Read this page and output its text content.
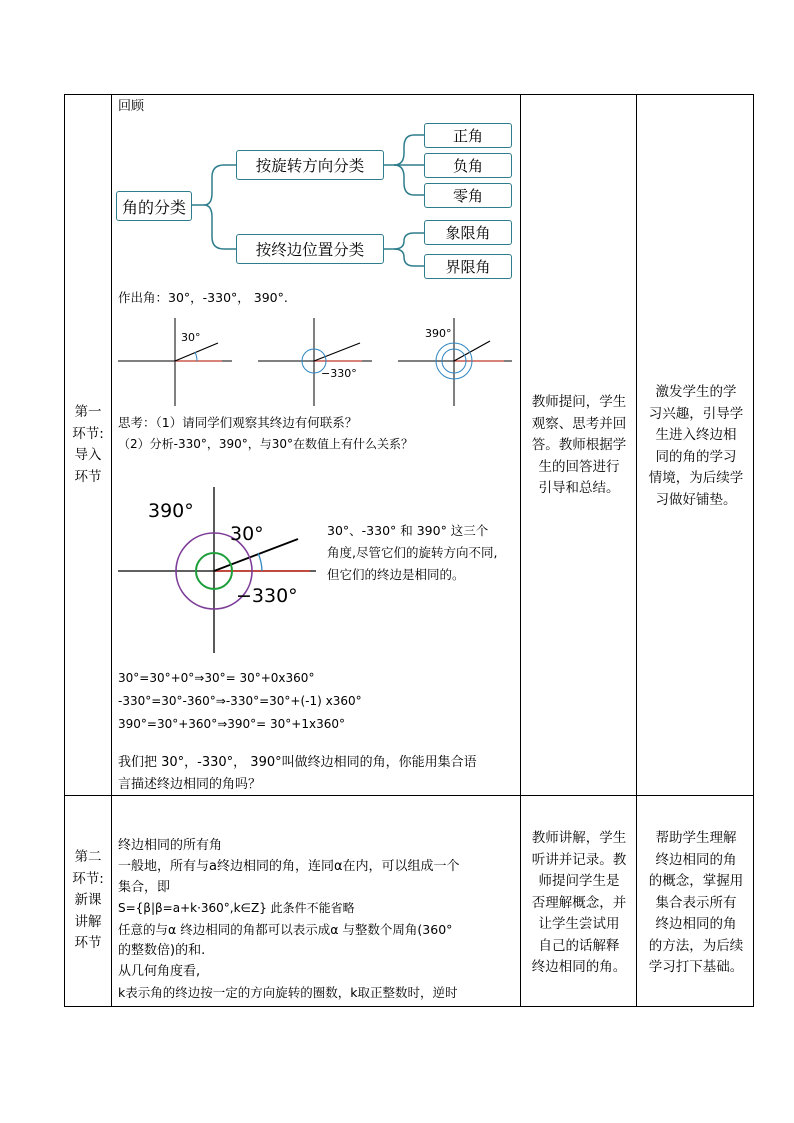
第一
环节:
导入
环节
教师提问，学生
观察、思考并回
答。教师根据学
生的回答进行
引导和总结。
激发学生的学
习兴趣，引导学
生进入终边相
同的角的学习
情境，为后续学
习做好铺垫。
第二
环节:
新课
讲解
环节
教师讲解，学生
听讲并记录。教
师提问学生是
否理解概念，并
让学生尝试用
自己的话解释
终边相同的角。
帮助学生理解
终边相同的角
的概念，掌握用
集合表示所有
终边相同的角
的方法，为后续
学习打下基础。
回顾
角的分类
按旋转方向分类
按终边位置分类
正角
负角
零角
象限角
界限角
作出角：30°，-330°， 390°.
30°
−330°
390°
思考：（1）请同学们观察其终边有何联系？
（2）分析-330°，390°，与30°在数值上有什么关系？
390°
30°
−330°
30°、-330° 和 390° 这三个
角度,尽管它们的旋转方向不同,
但它们的终边是相同的。
30°=30°+0°⇒30°= 30°+0x360°
-330°=30°-360°⇒-330°=30°+(-1) x360°
390°=30°+360°⇒390°= 30°+1x360°
我们把 30°，-330°， 390°叫做终边相同的角，你能用集合语
言描述终边相同的角吗？
终边相同的所有角
一般地，所有与a终边相同的角，连同α在内，可以组成一个
集合，即
S={β|β=a+k·360°,k∈Z} 此条件不能省略
任意的与α 终边相同的角都可以表示成α 与整数个周角(360°
的整数倍)的和.
从几何角度看,
k表示角的终边按一定的方向旋转的圈数，k取正整数时，逆时
